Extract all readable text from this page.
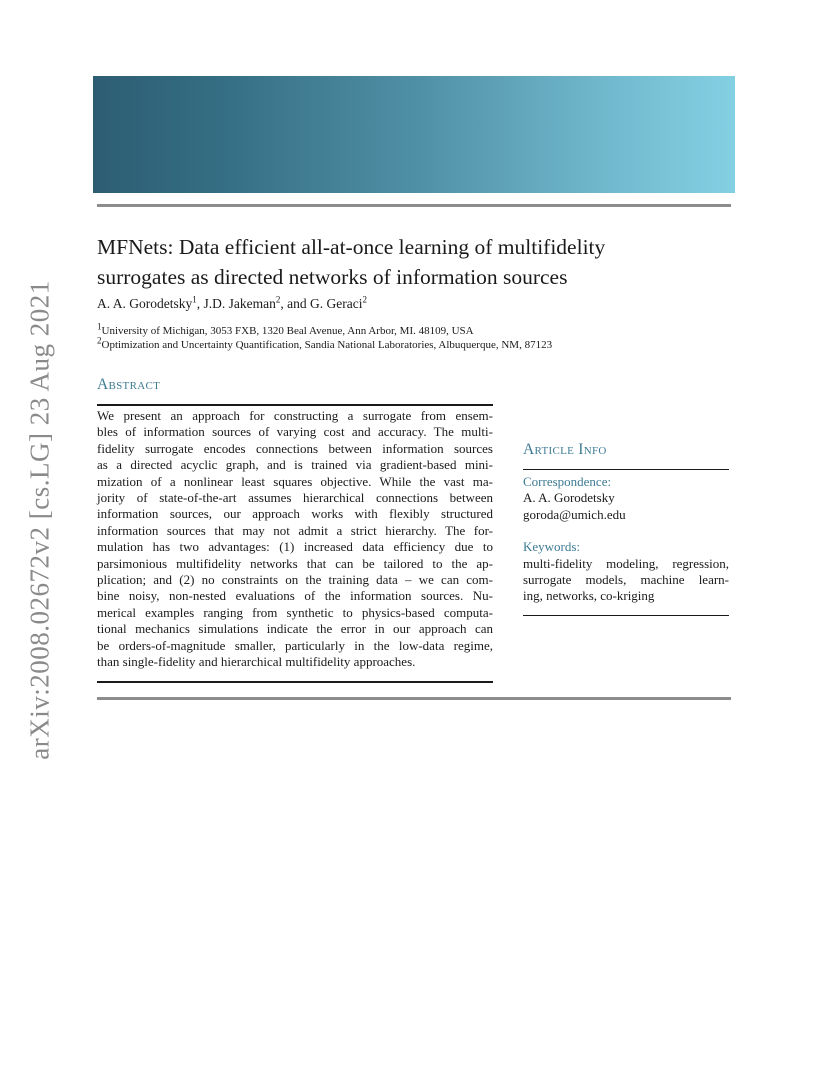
arXiv:2008.02672v2 [cs.LG] 23 Aug 2021
MFNets: Data efficient all-at-once learning of multifidelity
surrogates as directed networks of information sources
A. A. Gorodetsky$^1$, J.D. Jakeman$^2$, and G. Geraci$^2$
$^1$University of Michigan, 3053 FXB, 1320 Beal Avenue, Ann Arbor, MI. 48109, USA
$^2$Optimization and Uncertainty Quantification, Sandia National Laboratories, Albuquerque, NM, 87123
Abstract
We present an approach for constructing a surrogate from ensem-
bles of information sources of varying cost and accuracy. The multi-
fidelity surrogate encodes connections between information sources
as a directed acyclic graph, and is trained via gradient-based mini-
mization of a nonlinear least squares objective. While the vast ma-
jority of state-of-the-art assumes hierarchical connections between
information sources, our approach works with flexibly structured
information sources that may not admit a strict hierarchy. The for-
mulation has two advantages: (1) increased data efficiency due to
parsimonious multifidelity networks that can be tailored to the ap-
plication; and (2) no constraints on the training data – we can com-
bine noisy, non-nested evaluations of the information sources. Nu-
merical examples ranging from synthetic to physics-based computa-
tional mechanics simulations indicate the error in our approach can
be orders-of-magnitude smaller, particularly in the low-data regime,
than single-fidelity and hierarchical multifidelity approaches.
Article Info
Correspondence:
A. A. Gorodetsky
goroda@umich.edu
Keywords:
multi-fidelity modeling, regression,
surrogate models, machine learn-
ing, networks, co-kriging
